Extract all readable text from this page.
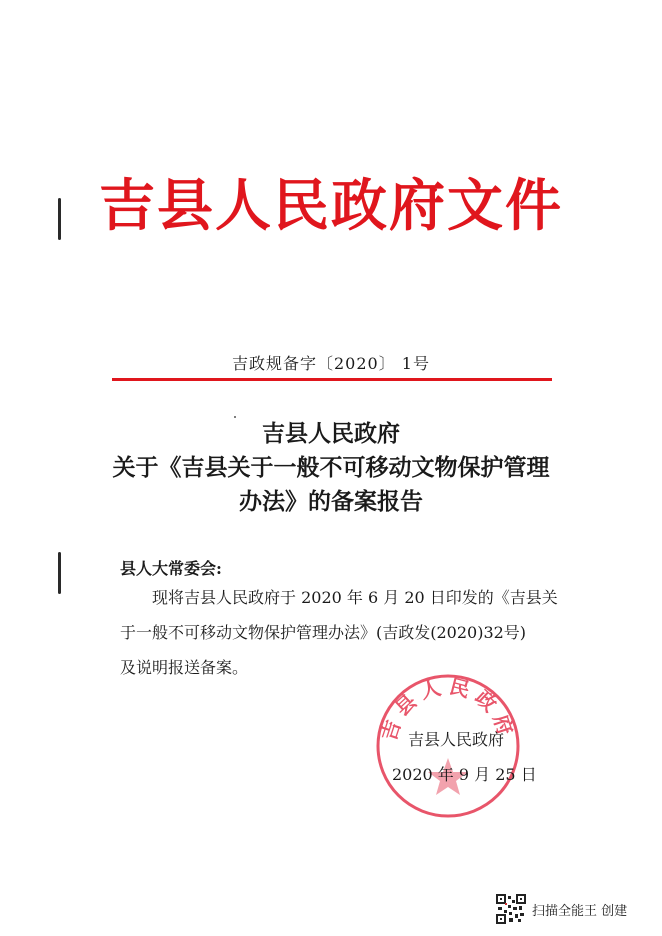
吉县人民政府文件
吉政规备字〔2020〕 1号
吉县人民政府
关于《吉县关于一般不可移动文物保护管理
办法》的备案报告
县人大常委会:
现将吉县人民政府于 2020 年 6 月 20 日印发的《吉县关
于一般不可移动文物保护管理办法》(吉政发(2020)32号)
及说明报送备案。
吉县人民政府
吉县人民政府
2020 年 9 月 25 日
扫描全能王 创建
